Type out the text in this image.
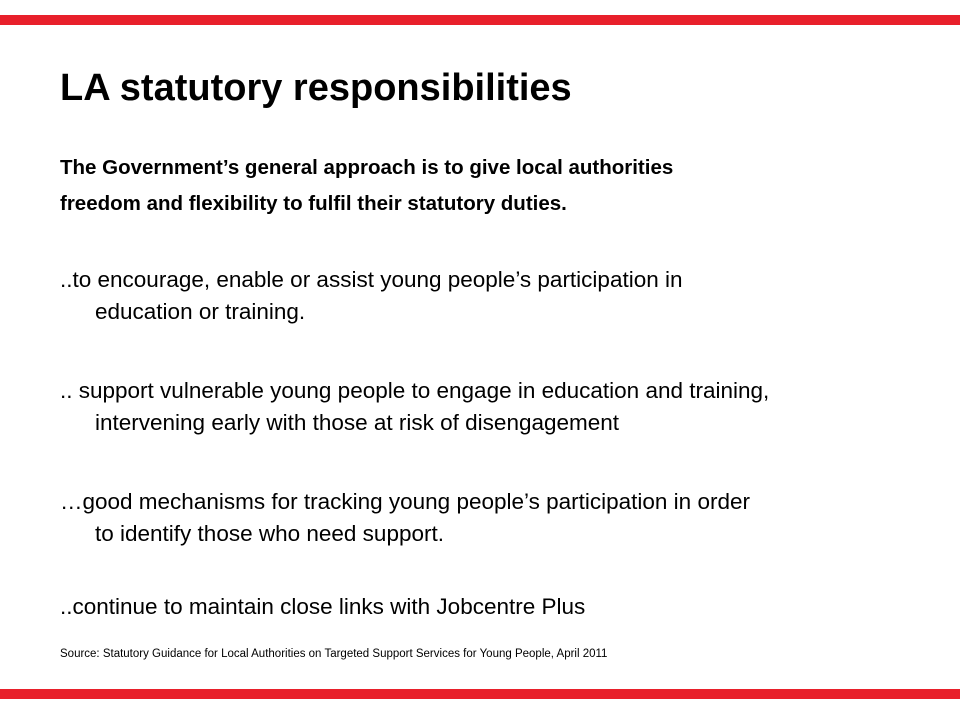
LA statutory responsibilities

The Government’s general approach is to give local authorities
freedom and flexibility to fulfil their statutory duties.

..to encourage, enable or assist young people’s participation in
education or training.

.. support vulnerable young people to engage in education and training,
intervening early with those at risk of disengagement

…good mechanisms for tracking young people’s participation in order
to identify those who need support.

..continue to maintain close links with Jobcentre Plus

Source: Statutory Guidance for Local Authorities on Targeted Support Services for Young People, April 2011
